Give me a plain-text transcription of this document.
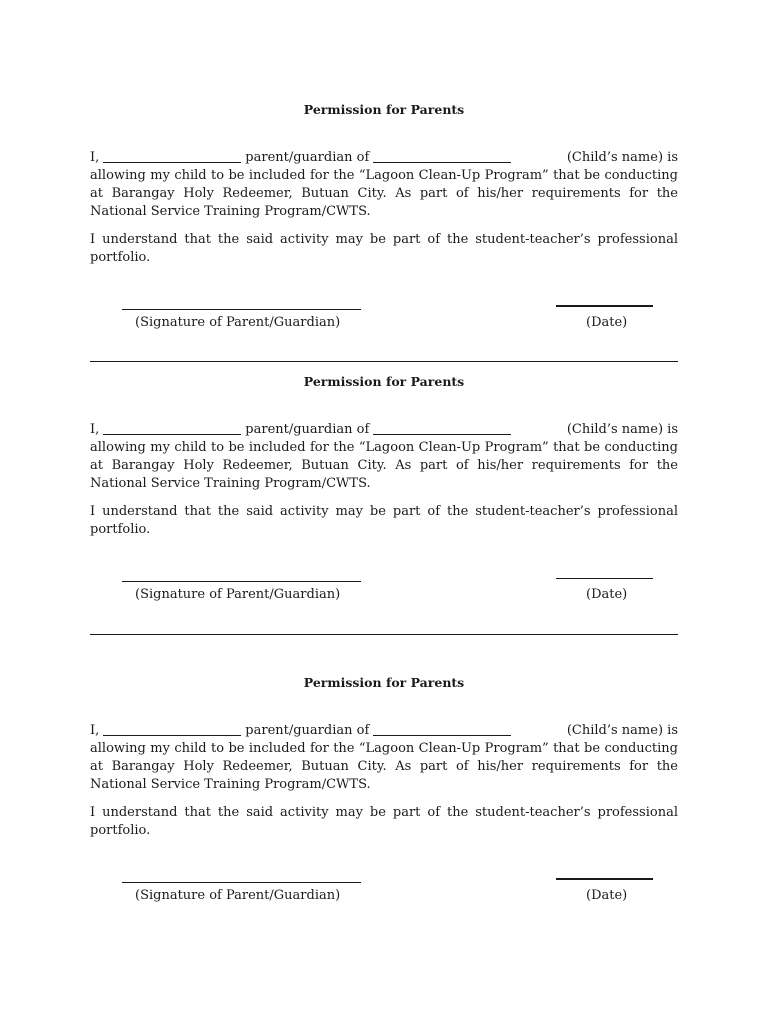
Permission for Parents
I,	parent/guardian of	(Child’s name) is

allowing my child to be included for the “Lagoon Clean-Up Program” that be conducting at Barangay Holy Redeemer, Butuan City. As part of his/her requirements for the National Service Training Program/CWTS.

I understand that the said activity may be part of the student-teacher’s professional portfolio.

(Signature of Parent/Guardian)	(Date)
Permission for Parents
I,	parent/guardian of	(Child’s name) is

allowing my child to be included for the “Lagoon Clean-Up Program” that be conducting at Barangay Holy Redeemer, Butuan City. As part of his/her requirements for the National Service Training Program/CWTS.

I understand that the said activity may be part of the student-teacher’s professional portfolio.

(Signature of Parent/Guardian)	(Date)
Permission for Parents
I,	parent/guardian of	(Child’s name) is

allowing my child to be included for the “Lagoon Clean-Up Program” that be conducting at Barangay Holy Redeemer, Butuan City. As part of his/her requirements for the National Service Training Program/CWTS.

I understand that the said activity may be part of the student-teacher’s professional portfolio.

(Signature of Parent/Guardian)	(Date)
